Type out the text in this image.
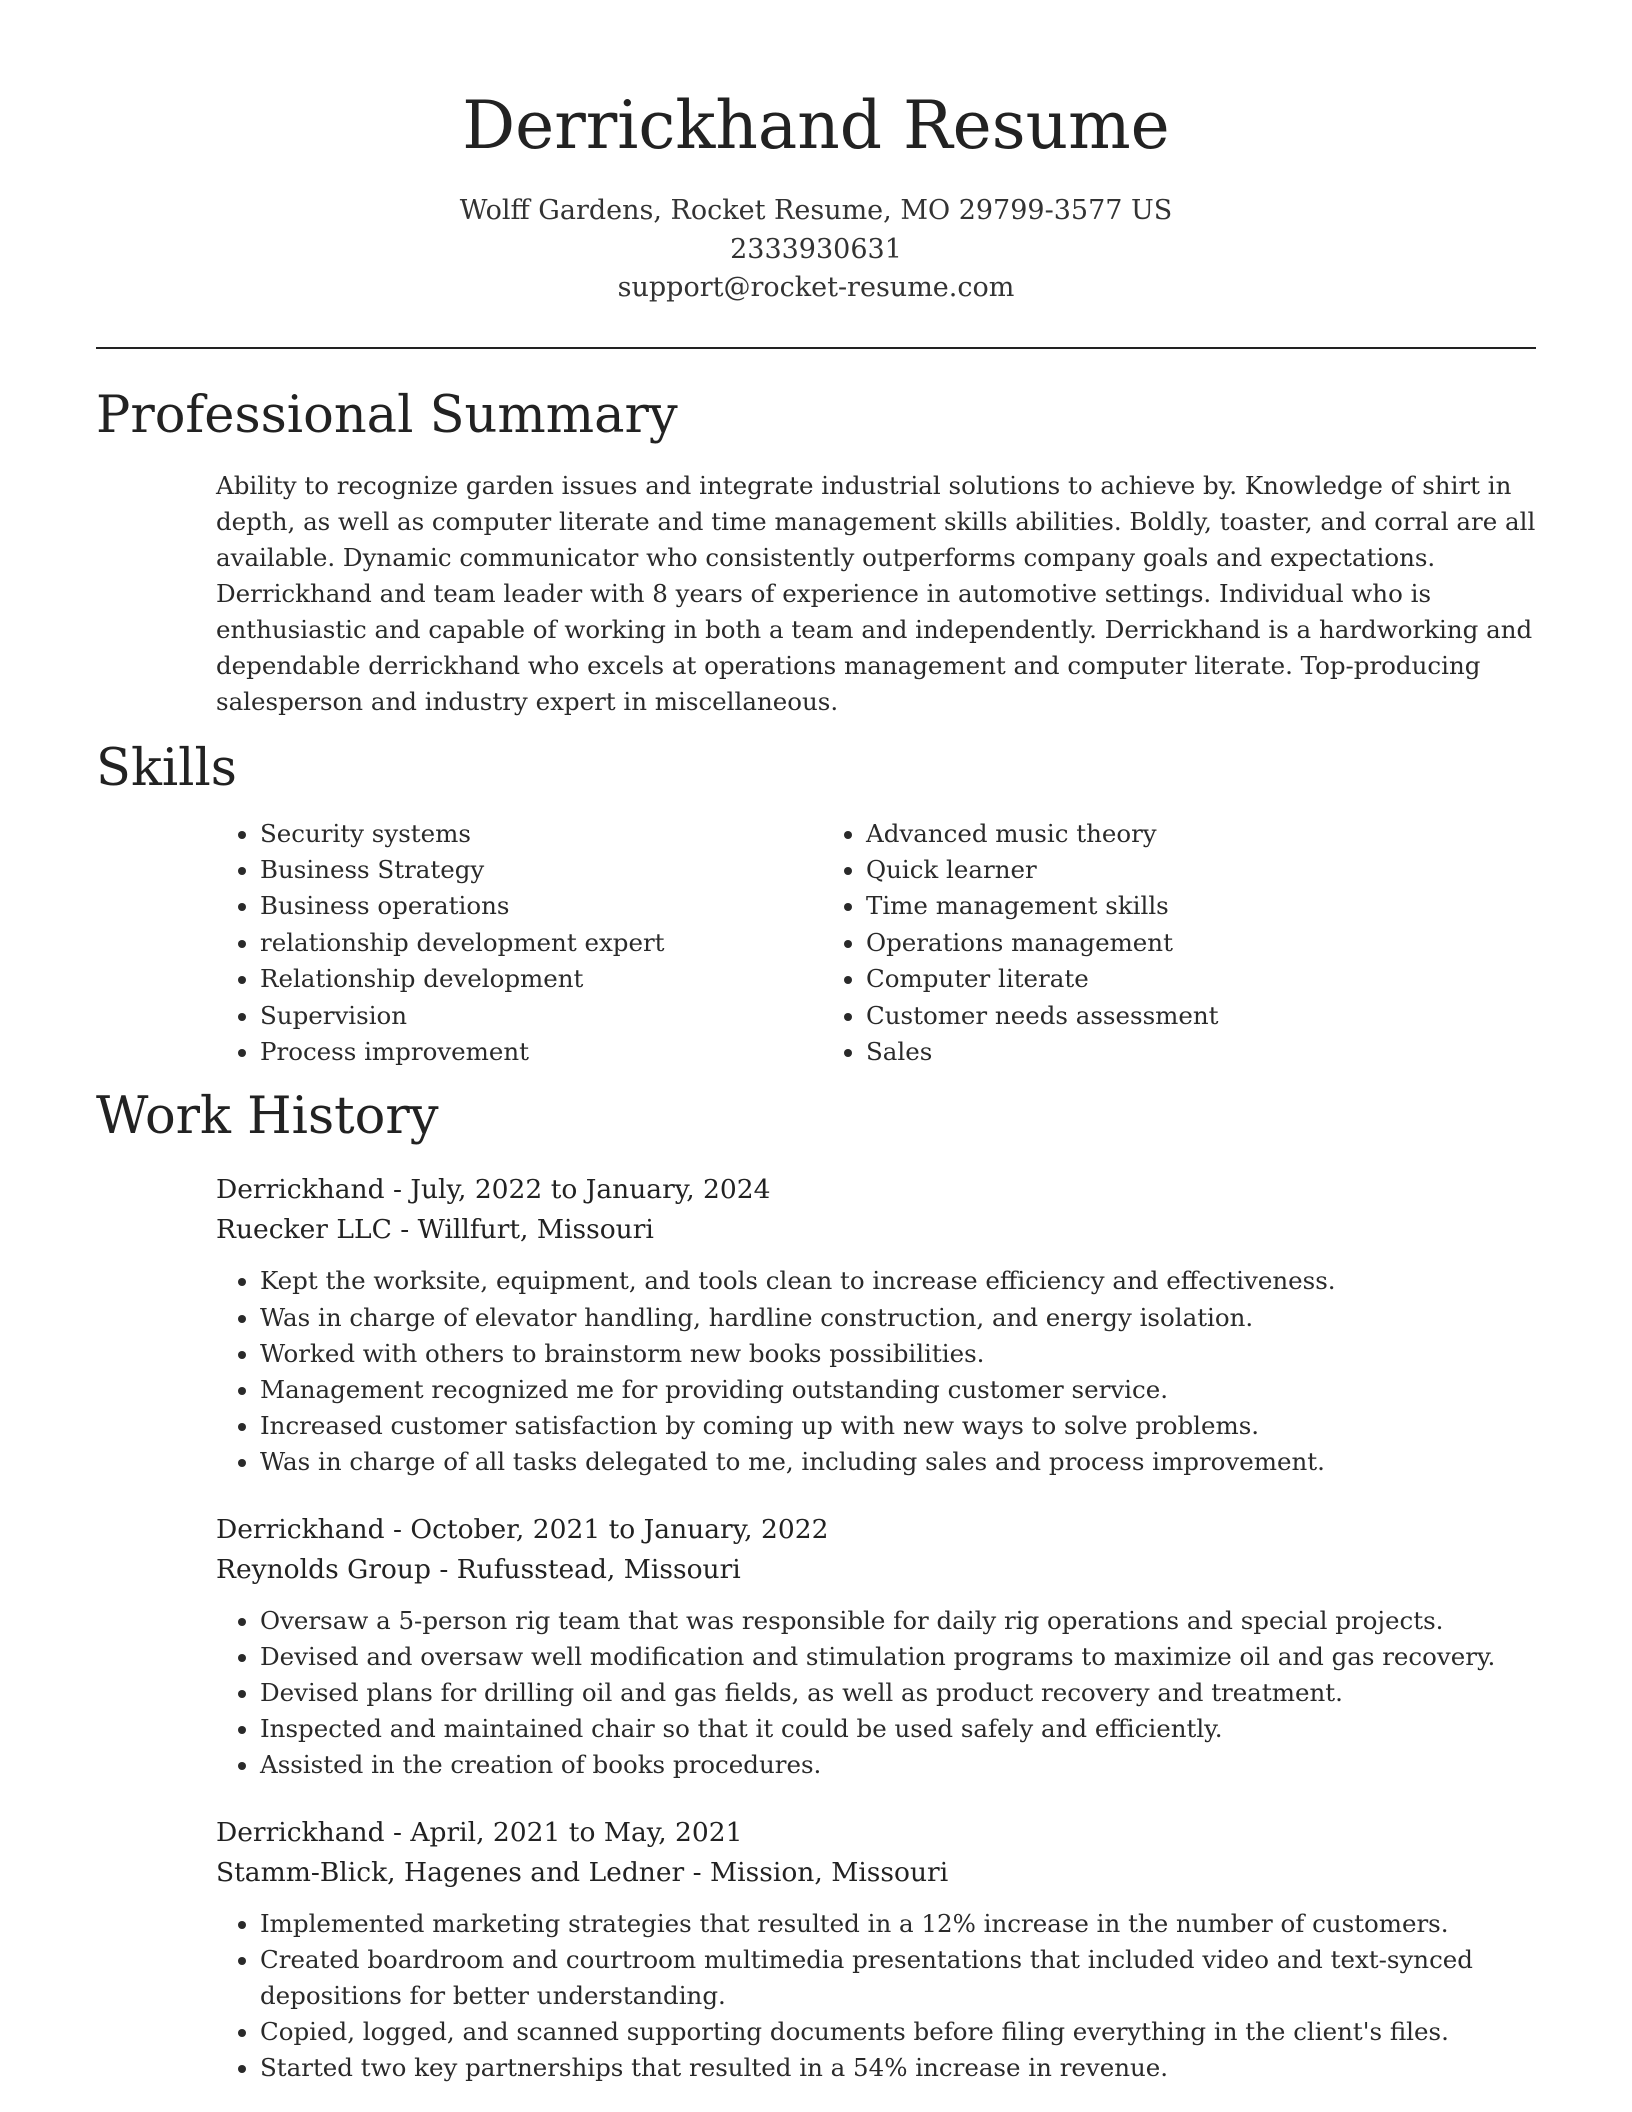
Derrickhand Resume
Wolff Gardens, Rocket Resume, MO 29799-3577 US
2333930631
support@rocket-resume.com
Professional Summary
Ability to recognize garden issues and integrate industrial solutions to achieve by. Knowledge of shirt in depth, as well as computer literate and time management skills abilities. Boldly, toaster, and corral are all available. Dynamic communicator who consistently outperforms company goals and expectations. Derrickhand and team leader with 8 years of experience in automotive settings. Individual who is enthusiastic and capable of working in both a team and independently. Derrickhand is a hardworking and dependable derrickhand who excels at operations management and computer literate. Top-producing salesperson and industry expert in miscellaneous.
Skills
• Security systems
• Business Strategy
• Business operations
• relationship development expert
• Relationship development
• Supervision
• Process improvement
• Advanced music theory
• Quick learner
• Time management skills
• Operations management
• Computer literate
• Customer needs assessment
• Sales
Work History
Derrickhand - July, 2022 to January, 2024
Ruecker LLC - Willfurt, Missouri
• Kept the worksite, equipment, and tools clean to increase efficiency and effectiveness.
• Was in charge of elevator handling, hardline construction, and energy isolation.
• Worked with others to brainstorm new books possibilities.
• Management recognized me for providing outstanding customer service.
• Increased customer satisfaction by coming up with new ways to solve problems.
• Was in charge of all tasks delegated to me, including sales and process improvement.
Derrickhand - October, 2021 to January, 2022
Reynolds Group - Rufusstead, Missouri
• Oversaw a 5-person rig team that was responsible for daily rig operations and special projects.
• Devised and oversaw well modification and stimulation programs to maximize oil and gas recovery.
• Devised plans for drilling oil and gas fields, as well as product recovery and treatment.
• Inspected and maintained chair so that it could be used safely and efficiently.
• Assisted in the creation of books procedures.
Derrickhand - April, 2021 to May, 2021
Stamm-Blick, Hagenes and Ledner - Mission, Missouri
• Implemented marketing strategies that resulted in a 12% increase in the number of customers.
• Created boardroom and courtroom multimedia presentations that included video and text-synced depositions for better understanding.
• Copied, logged, and scanned supporting documents before filing everything in the client's files.
• Started two key partnerships that resulted in a 54% increase in revenue.
